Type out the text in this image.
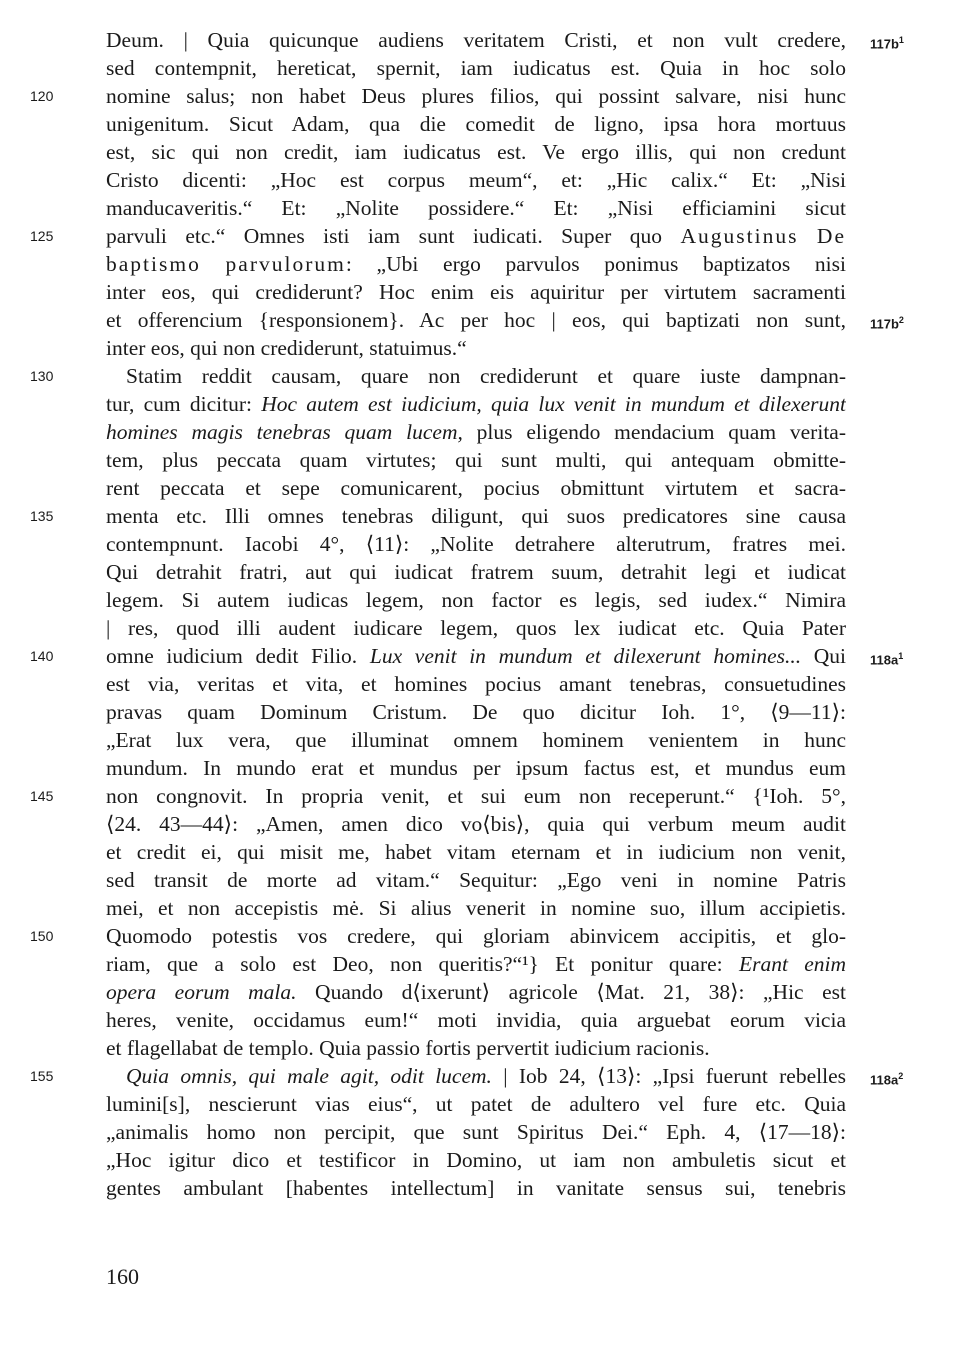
Deum. | Quia quicunque audiens veritatem Cristi, et non vult credere,
sed contempnit, hereticat, spernit, iam iudicatus est. Quia in hoc solo
nomine salus; non habet Deus plures filios, qui possint salvare, nisi hunc
unigenitum. Sicut Adam, qua die comedit de ligno, ipsa hora mortuus
est, sic qui non credit, iam iudicatus est. Ve ergo illis, qui non credunt
Cristo dicenti: „Hoc est corpus meum“, et: „Hic calix.“ Et: „Nisi
manducaveritis.“ Et: „Nolite possidere.“ Et: „Nisi efficiamini sicut
parvuli etc.“ Omnes isti iam sunt iudicati. Super quo Augustinus De
baptismo parvulorum: „Ubi ergo parvulos ponimus baptizatos nisi
inter eos, qui crediderunt? Hoc enim eis aquiritur per virtutem sacramenti
et offerencium {responsionem}. Ac per hoc | eos, qui baptizati non sunt,
inter eos, qui non crediderunt, statuimus.“
Statim reddit causam, quare non crediderunt et quare iuste dampnan-
tur, cum dicitur: Hoc autem est iudicium, quia lux venit in mundum et dilexerunt
homines magis tenebras quam lucem, plus eligendo mendacium quam verita-
tem, plus peccata quam virtutes; qui sunt multi, qui antequam obmitte-
rent peccata et sepe comunicarent, pocius obmittunt virtutem et sacra-
menta etc. Illi omnes tenebras diligunt, qui suos predicatores sine causa
contempnunt. Iacobi 4°, ⟨11⟩: „Nolite detrahere alterutrum, fratres mei.
Qui detrahit fratri, aut qui iudicat fratrem suum, detrahit legi et iudicat
legem. Si autem iudicas legem, non factor es legis, sed iudex.“ Nimira
| res, quod illi audent iudicare legem, quos lex iudicat etc. Quia Pater
omne iudicium dedit Filio. Lux venit in mundum et dilexerunt homines... Qui
est via, veritas et vita, et homines pocius amant tenebras, consuetudines
pravas quam Dominum Cristum. De quo dicitur Ioh. 1°, ⟨9—11⟩:
„Erat lux vera, que illuminat omnem hominem venientem in hunc
mundum. In mundo erat et mundus per ipsum factus est, et mundus eum
non congnovit. In propria venit, et sui eum non receperunt.“ {¹Ioh. 5°,
⟨24. 43—44⟩: „Amen, amen dico vo⟨bis⟩, quia qui verbum meum audit
et credit ei, qui misit me, habet vitam eternam et in iudicium non venit,
sed transit de morte ad vitam.“ Sequitur: „Ego veni in nomine Patris
mei, et non accepistis mė. Si alius venerit in nomine suo, illum accipietis.
Quomodo potestis vos credere, qui gloriam abinvicem accipitis, et glo-
riam, que a solo est Deo, non queritis?“¹} Et ponitur quare: Erant enim
opera eorum mala. Quando d⟨ixerunt⟩ agricole ⟨Mat. 21, 38⟩: „Hic est
heres, venite, occidamus eum!“ moti invidia, quia arguebat eorum vicia
et flagellabat de templo. Quia passio fortis pervertit iudicium racionis.
Quia omnis, qui male agit, odit lucem. | Iob 24, ⟨13⟩: „Ipsi fuerunt rebelles
lumini[s], nescierunt vias eius“, ut patet de adultero vel fure etc. Quia
„animalis homo non percipit, que sunt Spiritus Dei.“ Eph. 4, ⟨17—18⟩:
„Hoc igitur dico et testificor in Domino, ut iam non ambuletis sicut et
gentes ambulant [habentes intellectum] in vanitate sensus sui, tenebris
120
125
130
135
140
145
150
155
$117b^1$
$117b^2$
$118a^1$
$118a^2$
160
